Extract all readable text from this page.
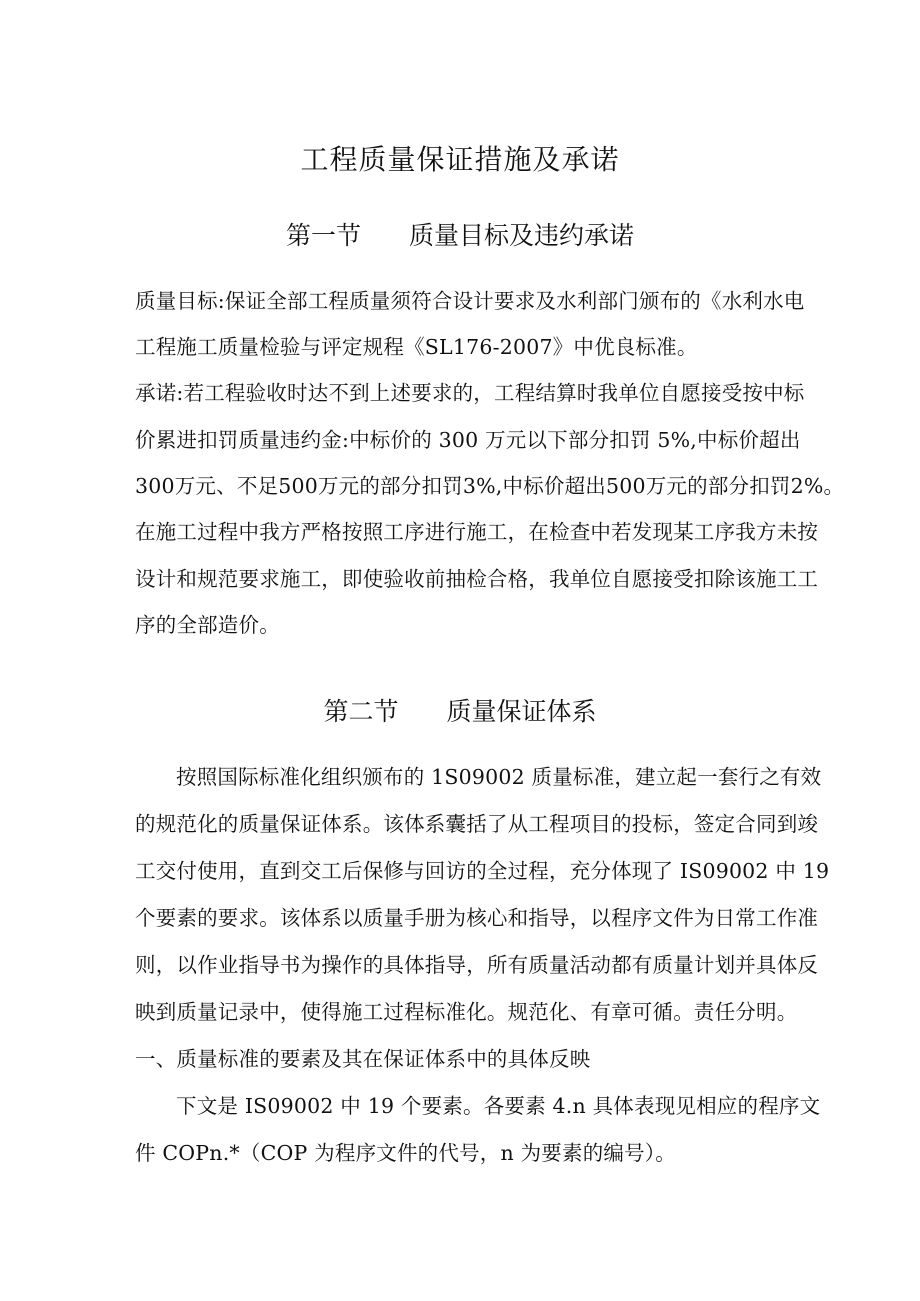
工程质量保证措施及承诺
第一节 质量目标及违约承诺
质量目标:保证全部工程质量须符合设计要求及水利部门颁布的《水利水电
工程施工质量检验与评定规程《SL176-2007》中优良标准。
承诺:若工程验收时达不到上述要求的，工程结算时我单位自愿接受按中标
价累进扣罚质量违约金:中标价的 300 万元以下部分扣罚 5%,中标价超出
300万元、不足500万元的部分扣罚3%,中标价超出500万元的部分扣罚2%。
在施工过程中我方严格按照工序进行施工，在检查中若发现某工序我方未按
设计和规范要求施工，即使验收前抽检合格，我单位自愿接受扣除该施工工
序的全部造价。
第二节 质量保证体系
按照国际标准化组织颁布的 1S09002 质量标准，建立起一套行之有效
的规范化的质量保证体系。该体系囊括了从工程项目的投标，签定合同到竣
工交付使用，直到交工后保修与回访的全过程，充分体现了 IS09002 中 19
个要素的要求。该体系以质量手册为核心和指导，以程序文件为日常工作准
则，以作业指导书为操作的具体指导，所有质量活动都有质量计划并具体反
映到质量记录中，使得施工过程标准化。规范化、有章可循。责任分明。
一、质量标准的要素及其在保证体系中的具体反映
下文是 IS09002 中 19 个要素。各要素 4.n 具体表现见相应的程序文
件 COPn.*（COP 为程序文件的代号，n 为要素的编号）。
